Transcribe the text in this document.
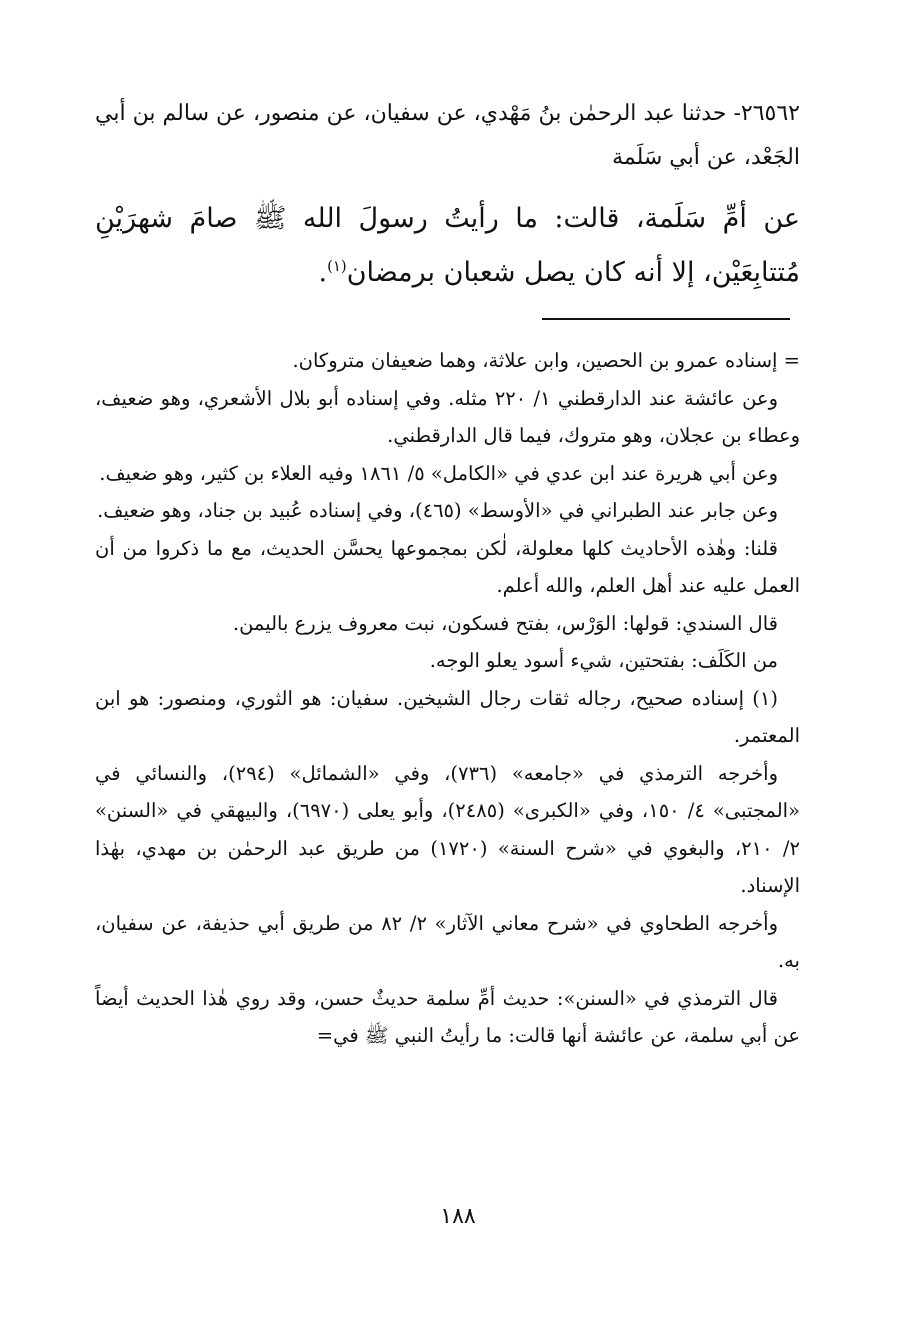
٢٦٥٦٢- حدثنا عبد الرحمٰن بنُ مَهْدي، عن سفيان، عن منصور، عن سالم بن أبي الجَعْد، عن أبي سَلَمة
عن أمِّ سَلَمة، قالت: ما رأيتُ رسولَ الله ﷺ صامَ شهرَيْنِ مُتتابِعَيْن، إلا أنه كان يصل شعبان برمضان$^{(١)}$.

= إسناده عمرو بن الحصين، وابن علاثة، وهما ضعيفان متروكان.

وعن عائشة عند الدارقطني ١/ ٢٢٠ مثله. وفي إسناده أبو بلال الأشعري، وهو ضعيف، وعطاء بن عجلان، وهو متروك، فيما قال الدارقطني.

وعن أبي هريرة عند ابن عدي في «الكامل» ٥/ ١٨٦١ وفيه العلاء بن كثير، وهو ضعيف.

وعن جابر عند الطبراني في «الأوسط» (٤٦٥)، وفي إسناده عُبيد بن جناد، وهو ضعيف.

قلنا: وهٰذه الأحاديث كلها معلولة، لٰكن بمجموعها يحسَّن الحديث، مع ما ذكروا من أن العمل عليه عند أهل العلم، والله أعلم.

قال السندي: قولها: الوَرْس، بفتح فسكون، نبت معروف يزرع باليمن.

من الكَلَف: بفتحتين، شيء أسود يعلو الوجه.

(١) إسناده صحيح، رجاله ثقات رجال الشيخين. سفيان: هو الثوري، ومنصور: هو ابن المعتمر.

وأخرجه الترمذي في «جامعه» (٧٣٦)، وفي «الشمائل» (٢٩٤)، والنسائي في «المجتبى» ٤/ ١٥٠، وفي «الكبرى» (٢٤٨٥)، وأبو يعلى (٦٩٧٠)، والبيهقي في «السنن» ٢/ ٢١٠، والبغوي في «شرح السنة» (١٧٢٠) من طريق عبد الرحمٰن بن مهدي، بهٰذا الإسناد.

وأخرجه الطحاوي في «شرح معاني الآثار» ٢/ ٨٢ من طريق أبي حذيفة، عن سفيان، به.

قال الترمذي في «السنن»: حديث أمِّ سلمة حديثٌ حسن، وقد روي هٰذا الحديث أيضاً عن أبي سلمة، عن عائشة أنها قالت: ما رأيتُ النبي ﷺ في=

١٨٨
